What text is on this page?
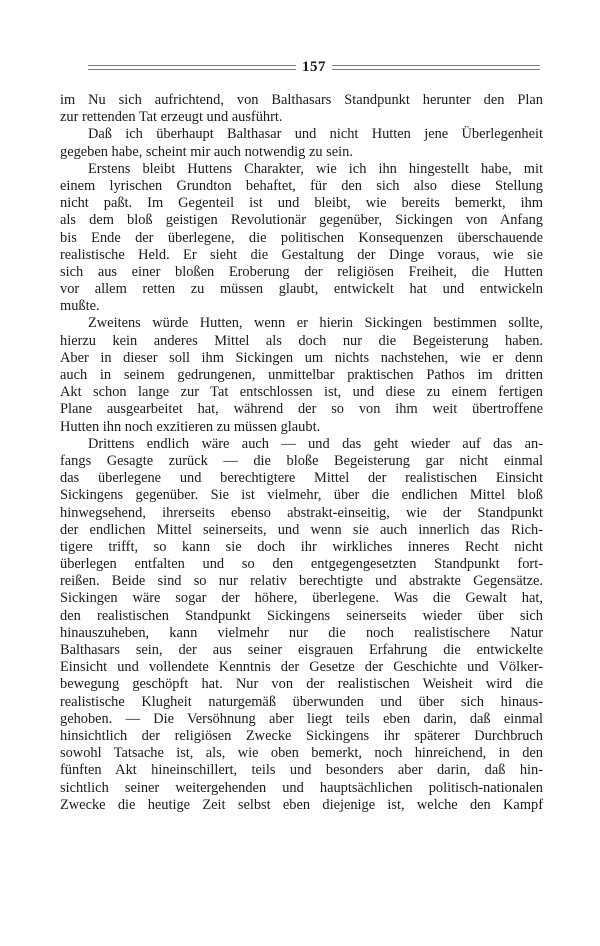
157
im Nu sich aufrichtend, von Balthasars Standpunkt herunter den Plan
zur rettenden Tat erzeugt und ausführt.
Daß ich überhaupt Balthasar und nicht Hutten jene Überlegenheit
gegeben habe, scheint mir auch notwendig zu sein.
Erstens bleibt Huttens Charakter, wie ich ihn hingestellt habe, mit
einem lyrischen Grundton behaftet, für den sich also diese Stellung
nicht paßt. Im Gegenteil ist und bleibt, wie bereits bemerkt, ihm
als dem bloß geistigen Revolutionär gegenüber, Sickingen von Anfang
bis Ende der überlegene, die politischen Konsequenzen überschauende
realistische Held. Er sieht die Gestaltung der Dinge voraus, wie sie
sich aus einer bloßen Eroberung der religiösen Freiheit, die Hutten
vor allem retten zu müssen glaubt, entwickelt hat und entwickeln
mußte.
Zweitens würde Hutten, wenn er hierin Sickingen bestimmen sollte,
hierzu kein anderes Mittel als doch nur die Begeisterung haben.
Aber in dieser soll ihm Sickingen um nichts nachstehen, wie er denn
auch in seinem gedrungenen, unmittelbar praktischen Pathos im dritten
Akt schon lange zur Tat entschlossen ist, und diese zu einem fertigen
Plane ausgearbeitet hat, während der so von ihm weit übertroffene
Hutten ihn noch exzitieren zu müssen glaubt.
Drittens endlich wäre auch — und das geht wieder auf das an-
fangs Gesagte zurück — die bloße Begeisterung gar nicht einmal
das überlegene und berechtigtere Mittel der realistischen Einsicht
Sickingens gegenüber. Sie ist vielmehr, über die endlichen Mittel bloß
hinwegsehend, ihrerseits ebenso abstrakt-einseitig, wie der Standpunkt
der endlichen Mittel seinerseits, und wenn sie auch innerlich das Rich-
tigere trifft, so kann sie doch ihr wirkliches inneres Recht nicht
überlegen entfalten und so den entgegengesetzten Standpunkt fort-
reißen. Beide sind so nur relativ berechtigte und abstrakte Gegensätze.
Sickingen wäre sogar der höhere, überlegene. Was die Gewalt hat,
den realistischen Standpunkt Sickingens seinerseits wieder über sich
hinauszuheben, kann vielmehr nur die noch realistischere Natur
Balthasars sein, der aus seiner eisgrauen Erfahrung die entwickelte
Einsicht und vollendete Kenntnis der Gesetze der Geschichte und Völker-
bewegung geschöpft hat. Nur von der realistischen Weisheit wird die
realistische Klugheit naturgemäß überwunden und über sich hinaus-
gehoben. — Die Versöhnung aber liegt teils eben darin, daß einmal
hinsichtlich der religiösen Zwecke Sickingens ihr späterer Durchbruch
sowohl Tatsache ist, als, wie oben bemerkt, noch hinreichend, in den
fünften Akt hineinschillert, teils und besonders aber darin, daß hin-
sichtlich seiner weitergehenden und hauptsächlichen politisch-nationalen
Zwecke die heutige Zeit selbst eben diejenige ist, welche den Kampf
